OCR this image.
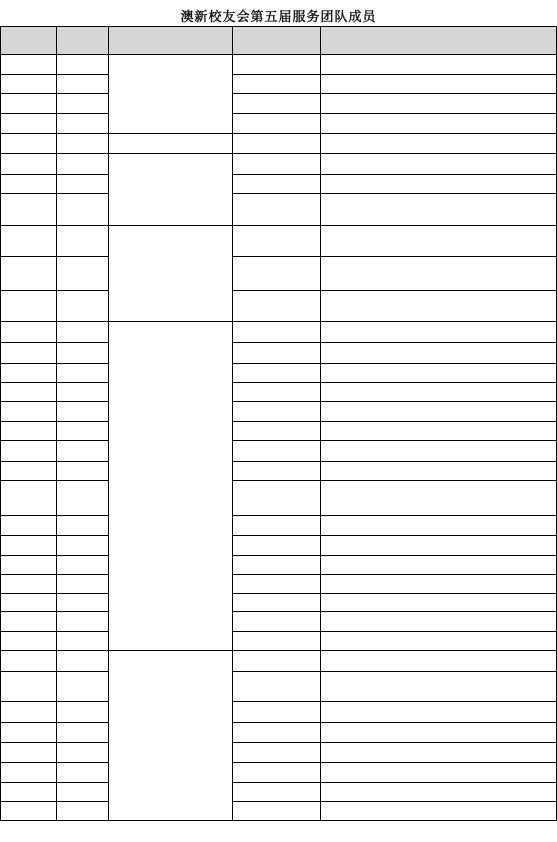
澳新校友会第五届服务团队成员
